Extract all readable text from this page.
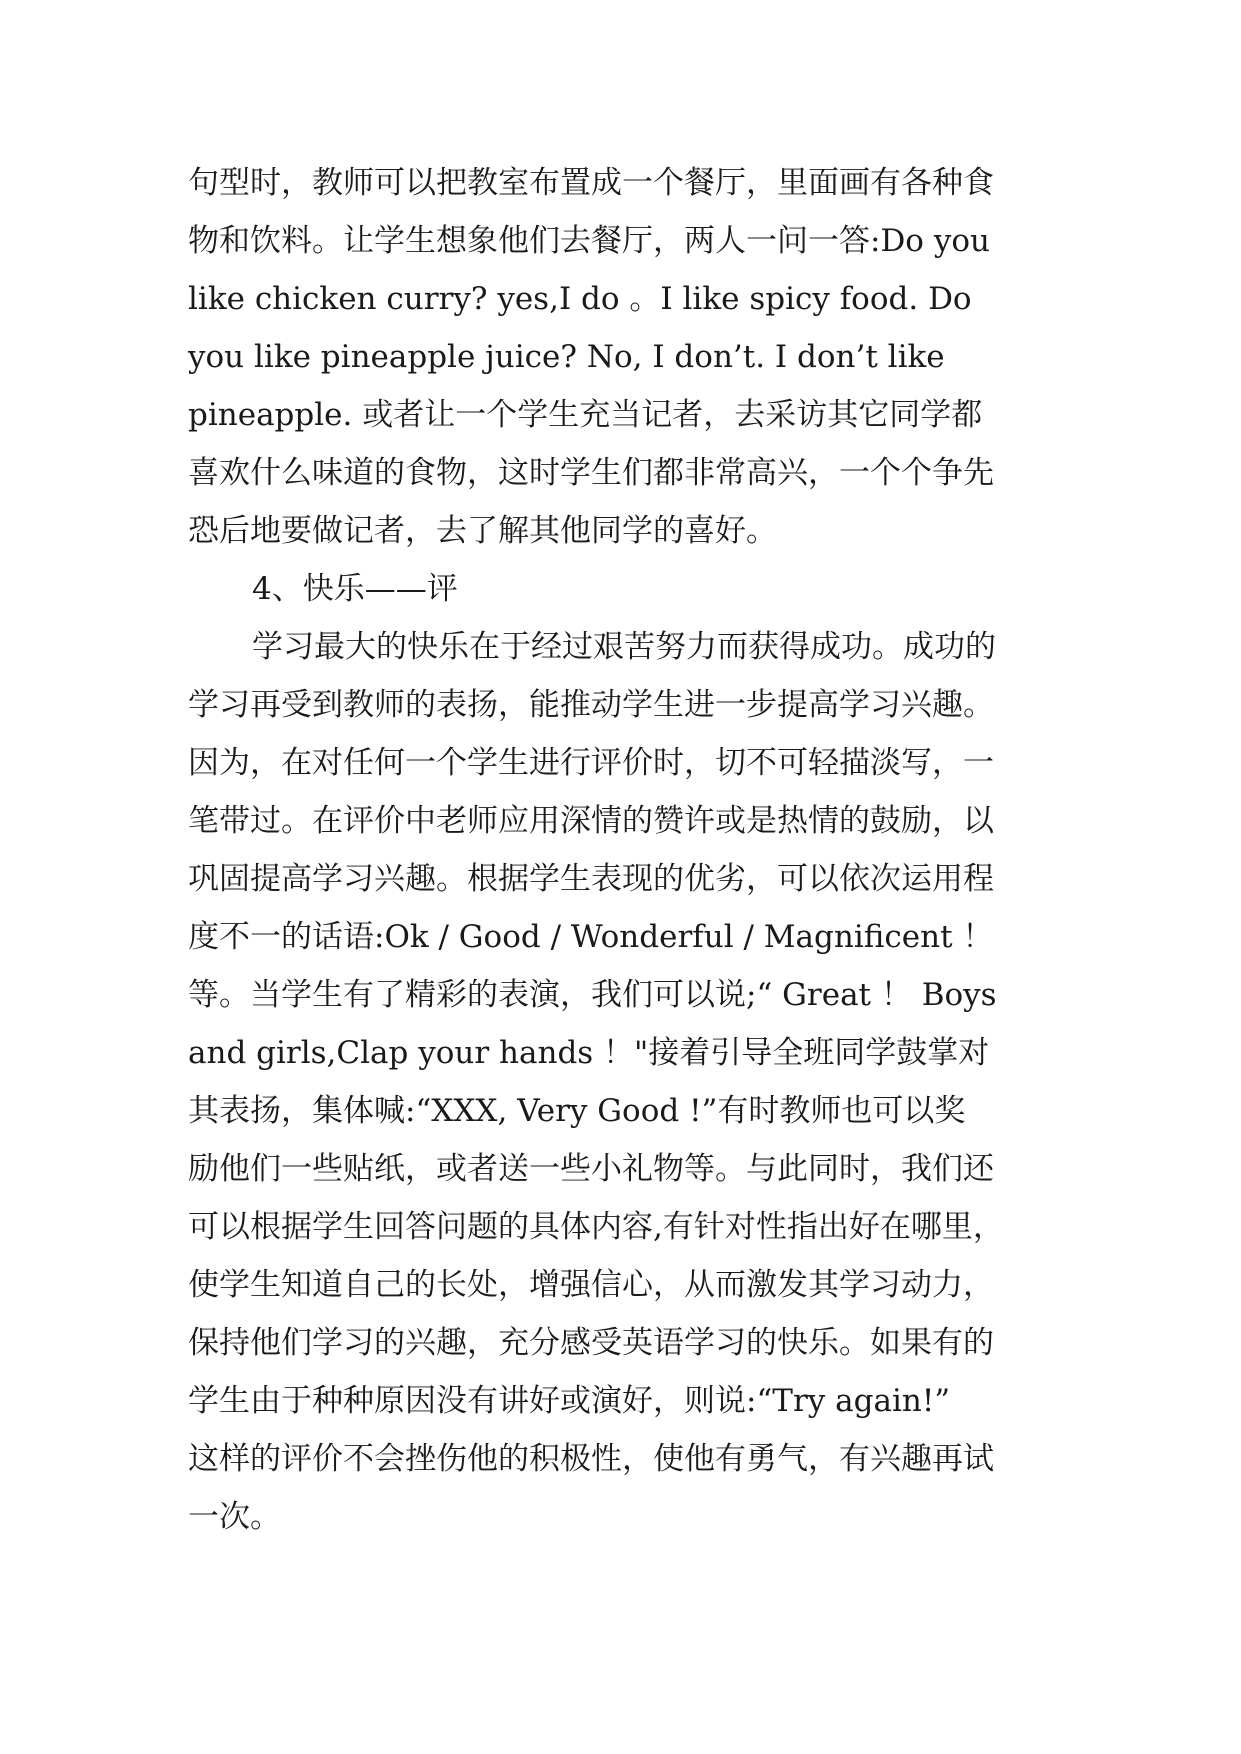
句型时，教师可以把教室布置成一个餐厅，里面画有各种食
物和饮料。让学生想象他们去餐厅，两人一问一答:Do you
like chicken curry? yes,I do 。I like spicy food. Do
you like pineapple juice? No, I don’t. I don’t like
pineapple. 或者让一个学生充当记者，去采访其它同学都
喜欢什么味道的食物，这时学生们都非常高兴，一个个争先
恐后地要做记者，去了解其他同学的喜好。
4、快乐——评
学习最大的快乐在于经过艰苦努力而获得成功。成功的
学习再受到教师的表扬，能推动学生进一步提高学习兴趣。
因为，在对任何一个学生进行评价时，切不可轻描淡写，一
笔带过。在评价中老师应用深情的赞许或是热情的鼓励，以
巩固提高学习兴趣。根据学生表现的优劣，可以依次运用程
度不一的话语:Ok / Good / Wonderful / Magnificent ！
等。当学生有了精彩的表演，我们可以说;“ Great ！ Boys
and girls,Clap your hands ！"接着引导全班同学鼓掌对
其表扬，集体喊:“XXX, Very Good !”有时教师也可以奖
励他们一些贴纸，或者送一些小礼物等。与此同时，我们还
可以根据学生回答问题的具体内容,有针对性指出好在哪里，
使学生知道自己的长处，增强信心，从而激发其学习动力，
保持他们学习的兴趣，充分感受英语学习的快乐。如果有的
学生由于种种原因没有讲好或演好，则说:“Try again!”
这样的评价不会挫伤他的积极性，使他有勇气，有兴趣再试
一次。
